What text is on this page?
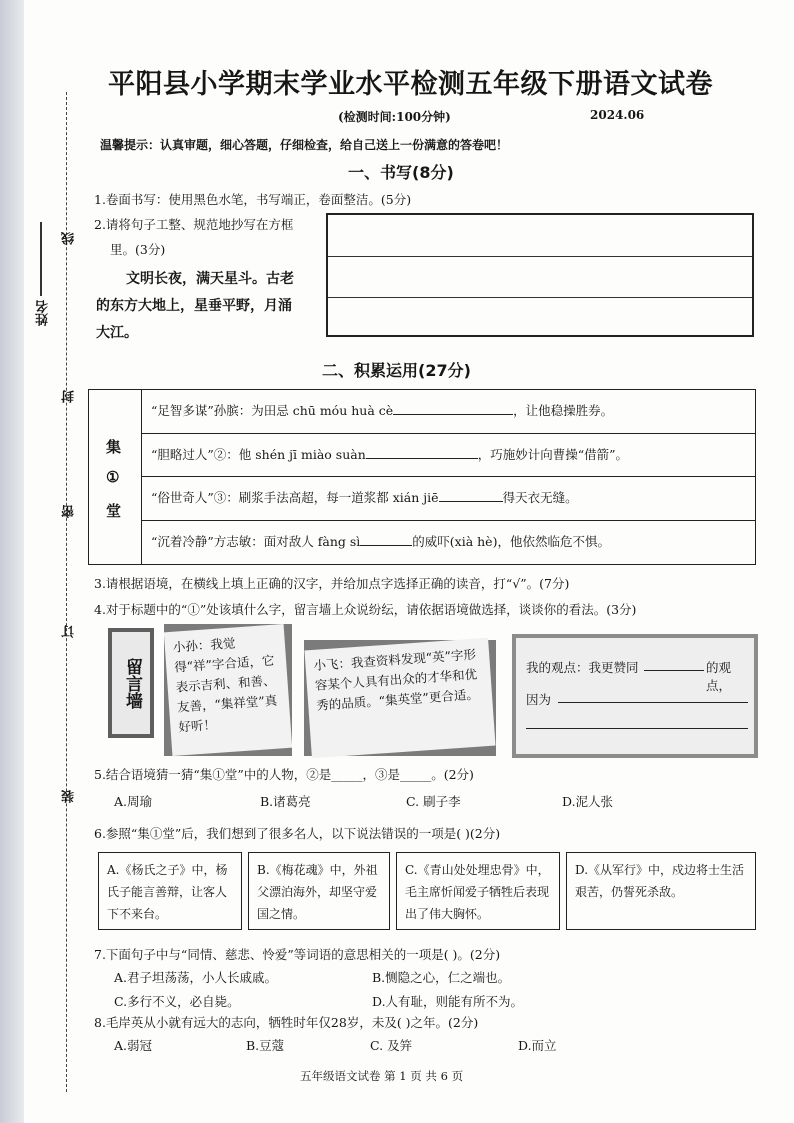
姓名
线
封
密
订
装
平阳县小学期末学业水平检测五年级下册语文试卷
(检测时间:100分钟)	2024.06
温馨提示：认真审题，细心答题，仔细检查，给自己送上一份满意的答卷吧！
一、书写(8分)
1.卷面书写：使用黑色水笔，书写端正，卷面整洁。(5分)
2.请将句子工整、规范地抄写在方框
里。(3分)
文明长夜，满天星斗。古老
的东方大地上，星垂平野，月涌
大江。
二、积累运用(27分)
集
①
堂
“足智多谋”孙膑：为田忌 chū móu huà cè	，让他稳操胜券。
“胆略过人”②：他 shén jī miào suàn	，巧施妙计向曹操“借箭”。
“俗世奇人”③：刷浆手法高超，每一道浆都 xián jiē	得天衣无缝。
“沉着冷静”方志敏：面对敌人 fàng sì	的威吓(xià hè)，他依然临危不惧。
3.请根据语境，在横线上填上正确的汉字，并给加点字选择正确的读音，打“√”。(7分)
4.对于标题中的“①”处该填什么字，留言墙上众说纷纭，请依据语境做选择，谈谈你的看法。(3分)
留言墙
小孙：我觉得“祥”字合适，它表示吉利、和善、友善，“集祥堂”真好听！
小飞：我查资料发现“英”字形容某个人具有出众的才华和优秀的品质。“集英堂”更合适。
我的观点：我更赞同	的观点，
因为
5.结合语境猜一猜“集①堂”中的人物，②是_____，③是_____。(2分)
A.周瑜	B.诸葛亮	C. 刷子李	D.泥人张
6.参照“集①堂”后，我们想到了很多名人，以下说法错误的一项是( )(2分)
A.《杨氏之子》中，杨氏子能言善辩，让客人下不来台。
B.《梅花魂》中，外祖父漂泊海外，却坚守爱国之情。
C.《青山处处埋忠骨》中，毛主席忻闻爱子牺牲后表现出了伟大胸怀。
D.《从军行》中，戍边将士生活艰苦，仍誓死杀敌。
7.下面句子中与“同情、慈悲、怜爱”等词语的意思相关的一项是( )。(2分)
A.君子坦荡荡，小人长戚戚。	B.恻隐之心，仁之端也。
C.多行不义，必自毙。	D.人有耻，则能有所不为。
8.毛岸英从小就有远大的志向，牺牲时年仅28岁，未及( )之年。(2分)
A.弱冠	B.豆蔻	C. 及笄	D.而立
五年级语文试卷 第 1 页 共 6 页
